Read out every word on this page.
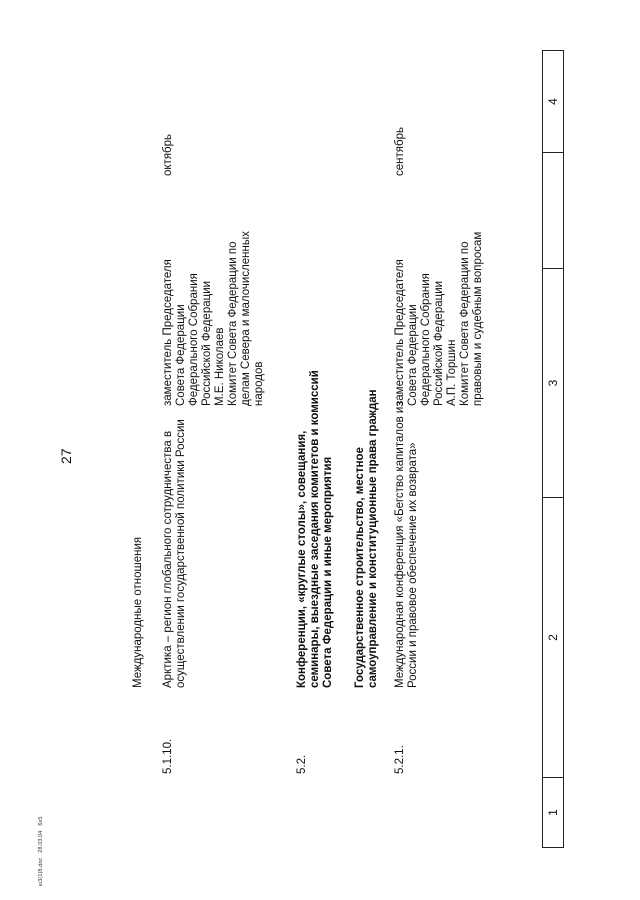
ю3(1)8.doc   28.03.04   6x5
1
2
3
4
27
Международные отношения
5.1.10.
Арктика – регион глобального сотрудничества в
осуществлении государственной политики России
заместитель Председателя
Совета Федерации
Федерального Собрания
Российской Федерации
М.Е. Николаев
Комитет Совета Федерации по
делам Севера и малочисленных
народов
октябрь
5.2.
Конференции, «круглые столы», совещания,
семинары, выездные заседания комитетов и комиссий
Совета Федерации и иные мероприятия
Государственное строительство, местное
самоуправление и конституционные права граждан
5.2.1.
Международная конференция «Бегство капиталов из
России и правовое обеспечение их возврата»
заместитель Председателя
Совета Федерации
Федерального Собрания
Российской Федерации
А.П. Торшин
Комитет Совета Федерации по
правовым и судебным вопросам
сентябрь
